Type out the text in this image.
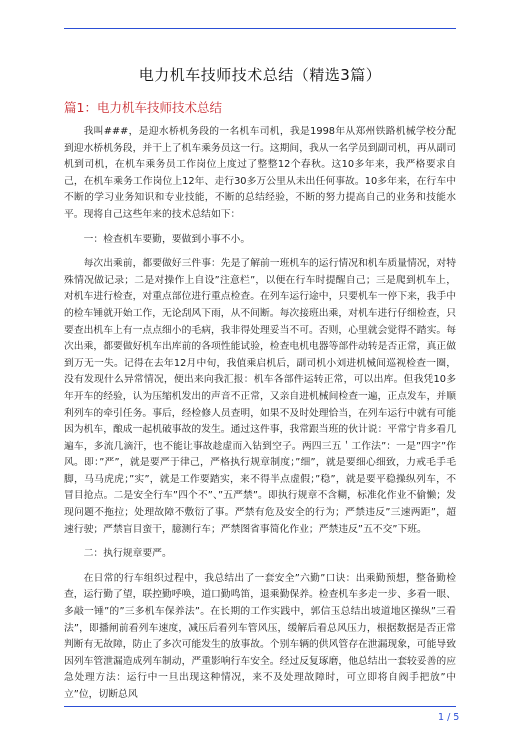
电力机车技师技术总结（精选3篇）
篇1：电力机车技师技术总结

我叫###，是迎水桥机务段的一名机车司机，我是1998年从郑州铁路机械学校分配到迎水桥机务段，并干上了机车乘务员这一行。这期间，我从一名学员到副司机，再从副司机到司机，在机车乘务员工作岗位上度过了整整12个春秋。这10多年来，我严格要求自己，在机车乘务工作岗位上12年、走行30多万公里从未出任何事故。10多年来，在行车中不断的学习业务知识和专业技能，不断的总结经验，不断的努力提高自己的业务和技能水平。现将自己这些年来的技术总结如下：

一：检查机车要勤，要做到小事不小。

每次出乘前，都要做好三件事：先是了解前一班机车的运行情况和机车质量情况，对特殊情况做记录；二是对操作上自设”注意栏”，以便在行车时提醒自己；三是爬到机车上，对机车进行检查，对重点部位进行重点检查。在列车运行途中，只要机车一停下来，我手中的检车锤就开始工作，无论刮风下雨，从不间断。每次接班出乘，对机车进行仔细检查，只要查出机车上有一点点细小的毛病，我非得处理妥当不可。否则，心里就会觉得不踏实。每次出乘，都要做好机车出库前的各项性能试验，检查电机电器等部件动转是否正常，真正做到万无一失。记得在去年12月中旬，我值乘启机后，副司机小刘进机械间巡视检查一圈，没有发现什么异常情况，便出来向我汇报：机车各部件运转正常，可以出库。但我凭10多年开车的经验，认为压缩机发出的声音不正常，又亲自进机械间检查一遍，正点发车，并顺利列车的牵引任务。事后，经检修人员查明，如果不及时处理恰当，在列车运行中就有可能因为机车，酿成一起机破事故的发生。通过这件事，我常跟当班的伙计说：平常宁肯多看几遍车，多流几滴汗，也不能让事故趁虚而入钻到空子。两四三五＇工作法”：一是”四字”作风。即：”严”，就是要严于律己，严格执行规章制度；”细”，就是要细心细致，力戒毛手毛脚，马马虎虎；”实”，就是工作要踏实，来不得半点虚假；”稳”，就是要平稳操纵列车，不冒目抢点。二是安全行车”四个不”、”五严禁”。即执行规章不含糊，标准化作业不偷懒；发现问题不拖拉；处理故障不敷衍了事。严禁有危及安全的行为；严禁违反”三速两距”，超速行驶；严禁盲目蛮干，臆测行车；严禁图省事简化作业；严禁违反”五不交”下班。

二：执行规章要严。

在日常的行车组织过程中，我总结出了一套安全”六勤”口诀：出乘勤预想，整备勤检查，运行勤了望，联控勤呼唤，道口勤鸣笛，退乘勤保养。检查机车多走一步、多看一眼、多敲一锤”的”三多机车保养法”。在长期的工作实践中，郭信玉总结出坡道地区操纵”三看法”，即播闸前看列车速度，减压后看列车管风压，缓解后看总风压力，根据数据是否正常判断有无故障，防止了多次可能发生的放事故。个别车辆的供风管存在泄漏现象，可能导致因列车管泄漏造成列车制动，严重影响行车安全。经过反复琢磨，他总结出一套较妥善的应急处理方法：运行中一旦出现这种情况，来不及处理故障时，可立即将自阀手把放”中立”位，切断总风

1 / 5
